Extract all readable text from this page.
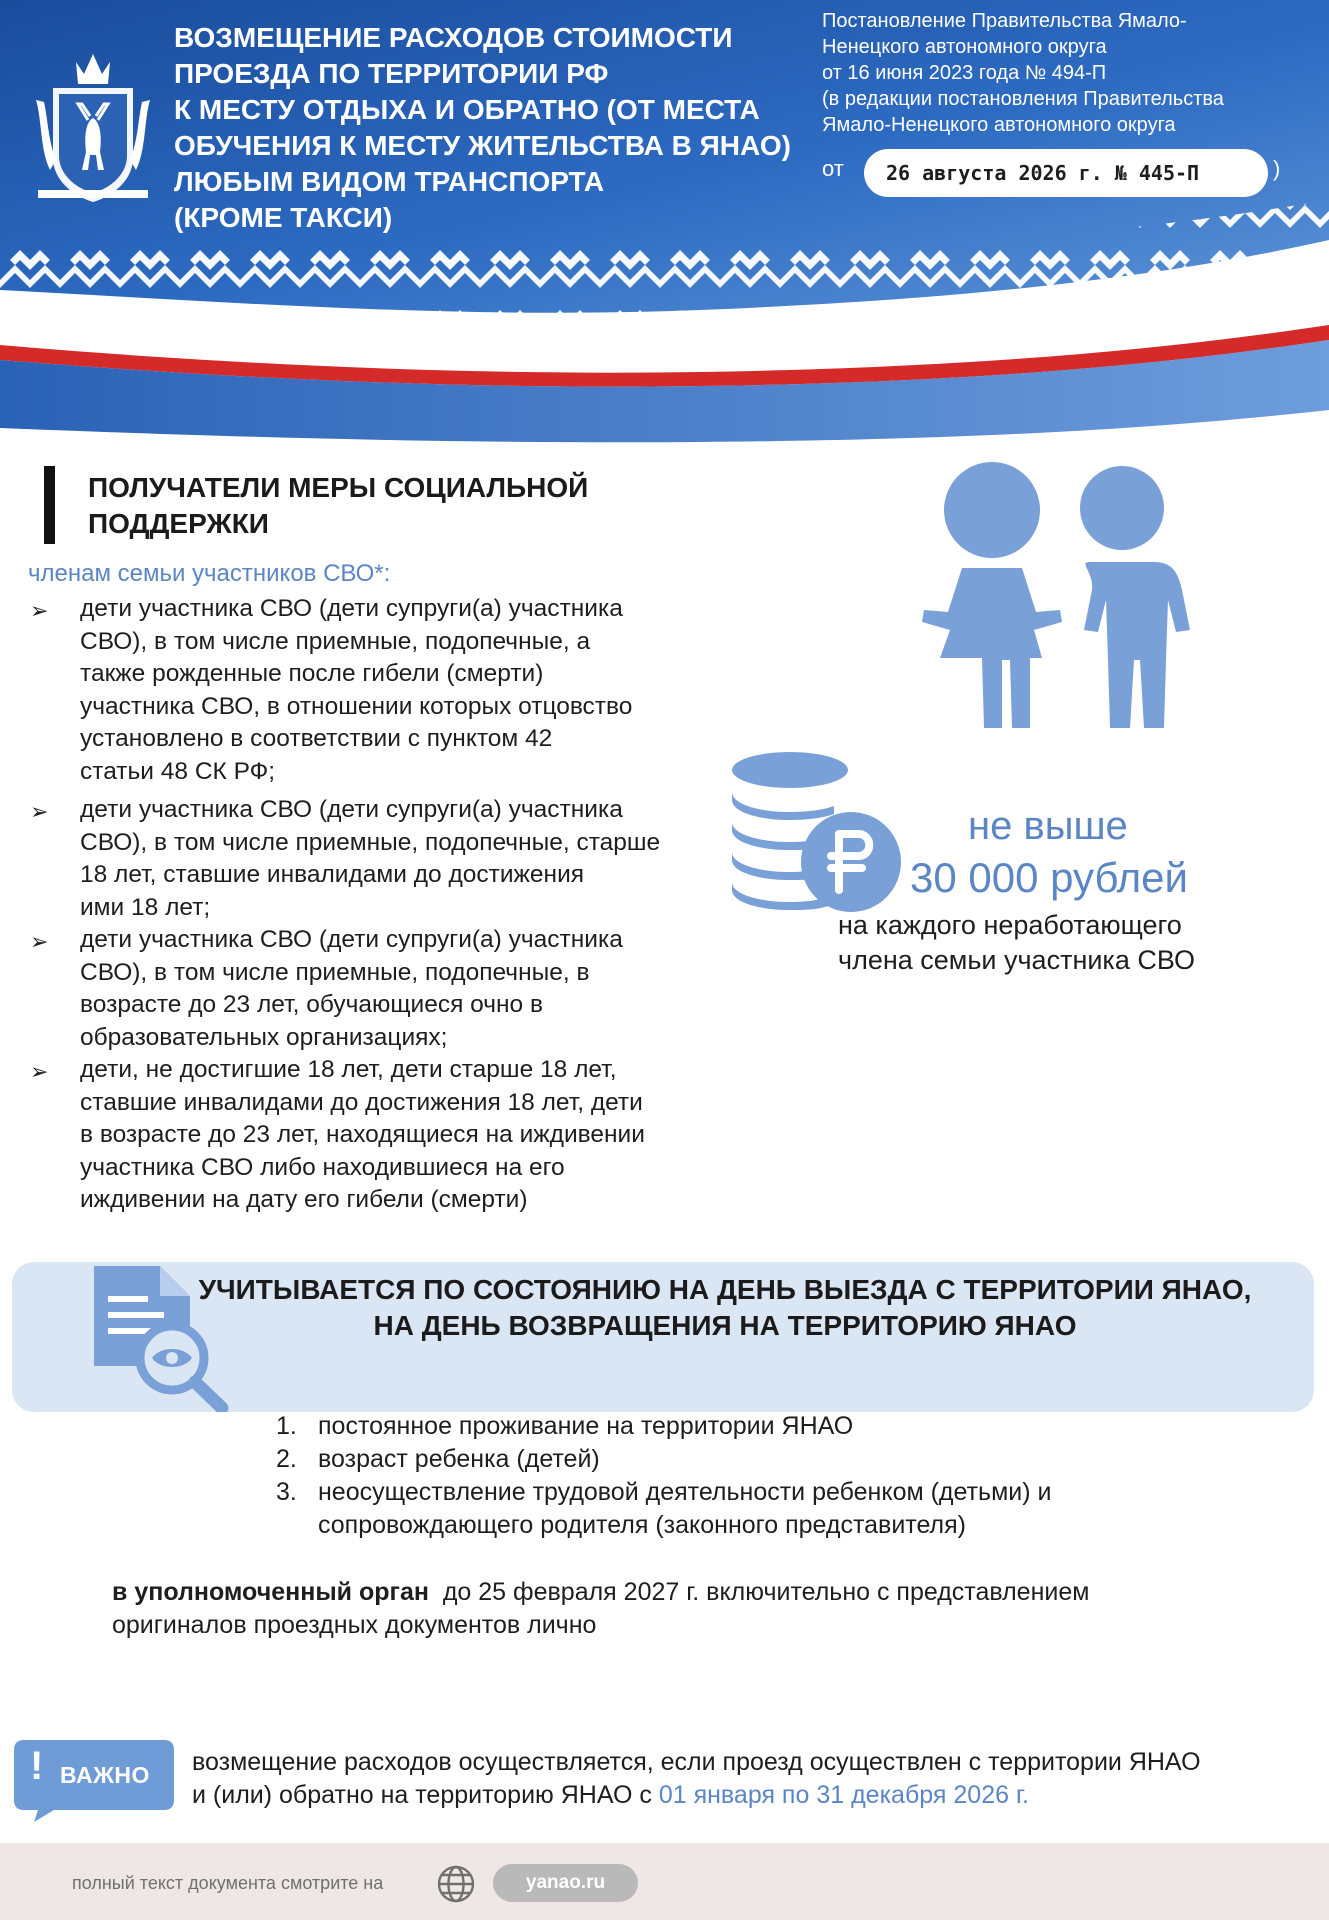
ВОЗМЕЩЕНИЕ РАСХОДОВ СТОИМОСТИ
ПРОЕЗДА ПО ТЕРРИТОРИИ РФ
К МЕСТУ ОТДЫХА И ОБРАТНО (ОТ МЕСТА
ОБУЧЕНИЯ К МЕСТУ ЖИТЕЛЬСТВА В ЯНАО)
ЛЮБЫМ ВИДОМ ТРАНСПОРТА
(КРОМЕ ТАКСИ)
Постановление Правительства Ямало-
Ненецкого автономного округа
от 16 июня 2023 года № 494-П
(в редакции постановления Правительства
Ямало-Ненецкого автономного округа
от	26 августа 2026 г. № 445-П	)
ПОЛУЧАТЕЛИ МЕРЫ СОЦИАЛЬНОЙ
ПОДДЕРЖКИ
членам семьи участников СВО*:
➢ дети участника СВО (дети супруги(а) участника
СВО), в том числе приемные, подопечные, а
также рожденные после гибели (смерти)
участника СВО, в отношении которых отцовство
установлено в соответствии с пунктом 42
статьи 48 СК РФ;
➢ дети участника СВО (дети супруги(а) участника
СВО), в том числе приемные, подопечные, старше
18 лет, ставшие инвалидами до достижения
ими 18 лет;
➢ дети участника СВО (дети супруги(а) участника
СВО), в том числе приемные, подопечные, в
возрасте до 23 лет, обучающиеся очно в
образовательных организациях;
➢ дети, не достигшие 18 лет, дети старше 18 лет,
ставшие инвалидами до достижения 18 лет, дети
в возрасте до 23 лет, находящиеся на иждивении
участника СВО либо находившиеся на его
иждивении на дату его гибели (смерти)
не выше
30 000 рублей
на каждого неработающего
члена семьи участника СВО
УЧИТЫВАЕТСЯ ПО СОСТОЯНИЮ НА ДЕНЬ ВЫЕЗДА С ТЕРРИТОРИИ ЯНАО,
НА ДЕНЬ ВОЗВРАЩЕНИЯ НА ТЕРРИТОРИЮ ЯНАО
1. постоянное проживание на территории ЯНАО
2. возраст ребенка (детей)
3. неосуществление трудовой деятельности ребенком (детьми) и
сопровождающего родителя (законного представителя)
в уполномоченный орган  до 25 февраля 2027 г. включительно с представлением
оригиналов проездных документов лично
! ВАЖНО возмещение расходов осуществляется, если проезд осуществлен с территории ЯНАО
и (или) обратно на территорию ЯНАО с 01 января по 31 декабря 2026 г.
полный текст документа смотрите на	yanao.ru
